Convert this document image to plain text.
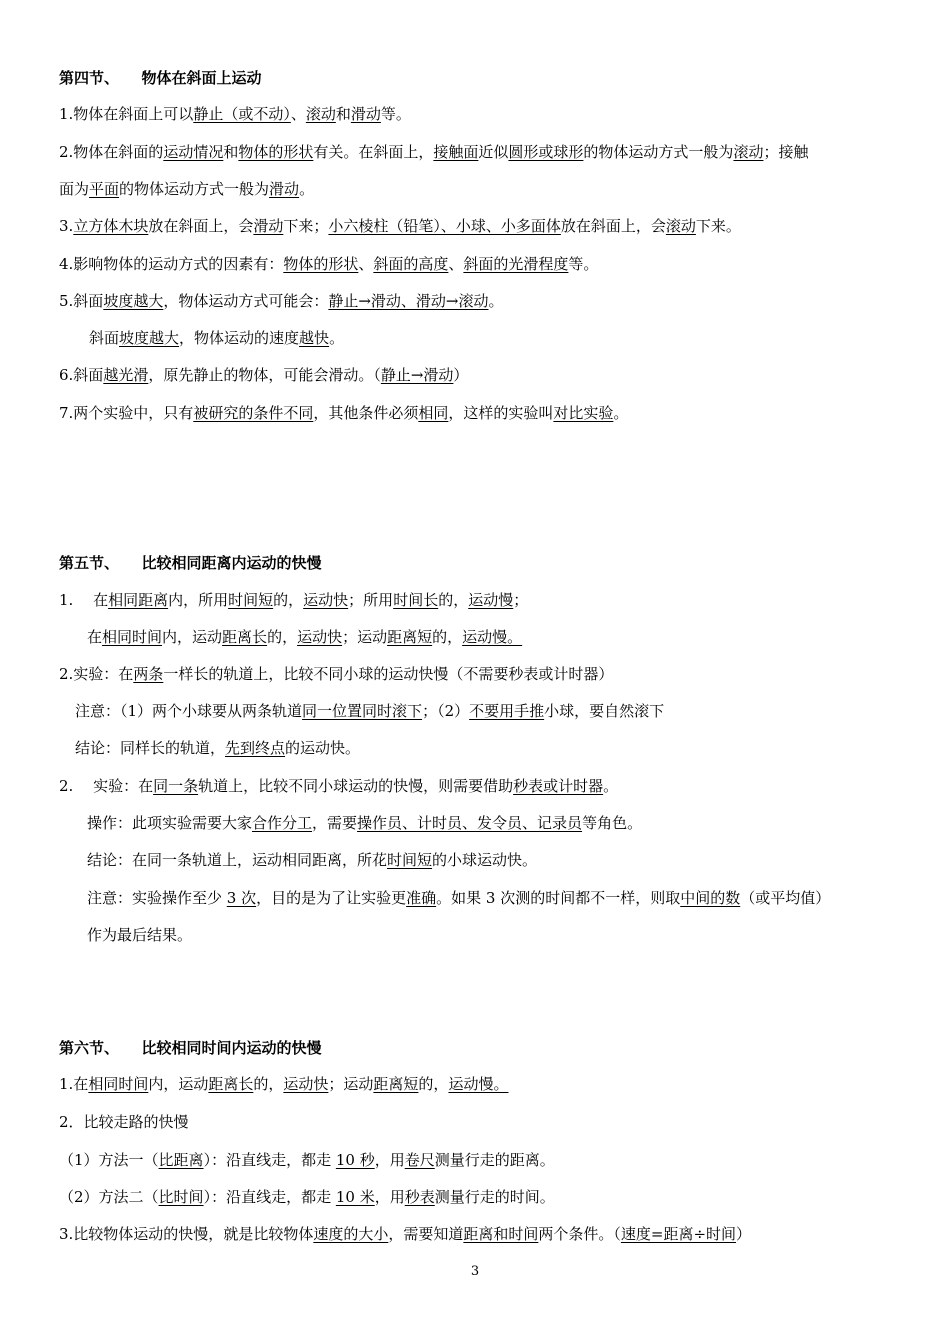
第四节、　　物体在斜面上运动
1.物体在斜面上可以静止（或不动）、滚动和滑动等。
2.物体在斜面的运动情况和物体的形状有关。在斜面上，接触面近似圆形或球形的物体运动方式一般为滚动；接触
面为平面的物体运动方式一般为滑动。
3.立方体木块放在斜面上，会滑动下来；小六棱柱（铅笔）、小球、小多面体放在斜面上，会滚动下来。
4.影响物体的运动方式的因素有：物体的形状、斜面的高度、斜面的光滑程度等。
5.斜面坡度越大，物体运动方式可能会：静止→滑动、滑动→滚动。
斜面坡度越大，物体运动的速度越快。
6.斜面越光滑，原先静止的物体，可能会滑动。（静止→滑动）
7.两个实验中，只有被研究的条件不同，其他条件必须相同，这样的实验叫对比实验。
第五节、　　比较相同距离内运动的快慢
1.　 在相同距离内，所用时间短的，运动快；所用时间长的，运动慢；
在相同时间内，运动距离长的，运动快；运动距离短的，运动慢。
2.实验：在两条一样长的轨道上，比较不同小球的运动快慢（不需要秒表或计时器）
注意：（1）两个小球要从两条轨道同一位置同时滚下；（2）不要用手推小球，要自然滚下
结论：同样长的轨道，先到终点的运动快。
2.　 实验：在同一条轨道上，比较不同小球运动的快慢，则需要借助秒表或计时器。
操作：此项实验需要大家合作分工，需要操作员、计时员、发令员、记录员等角色。
结论：在同一条轨道上，运动相同距离，所花时间短的小球运动快。
注意：实验操作至少 3 次，目的是为了让实验更准确。如果 3 次测的时间都不一样，则取中间的数（或平均值）
作为最后结果。
第六节、　　比较相同时间内运动的快慢
1.在相同时间内，运动距离长的，运动快；运动距离短的，运动慢。
2．比较走路的快慢
（1）方法一（比距离）：沿直线走，都走 10 秒，用卷尺测量行走的距离。
（2）方法二（比时间）：沿直线走，都走 10 米，用秒表测量行走的时间。
3.比较物体运动的快慢，就是比较物体速度的大小，需要知道距离和时间两个条件。（速度=距离÷时间）
3
